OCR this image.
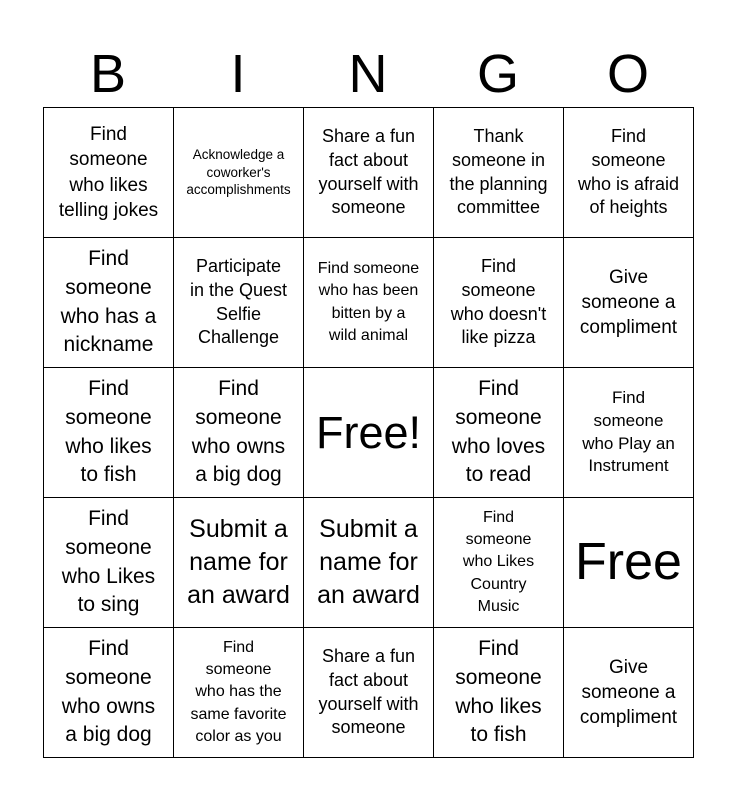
B	I	N	G	O
Find
someone
who likes
telling jokes	Acknowledge a
coworker's
accomplishments	Share a fun
fact about
yourself with
someone	Thank
someone in
the planning
committee	Find
someone
who is afraid
of heights

Find
someone
who has a
nickname	Participate
in the Quest
Selfie
Challenge	Find someone
who has been
bitten by a
wild animal	Find
someone
who doesn't
like pizza	Give
someone a
compliment

Find
someone
who likes
to fish	Find
someone
who owns
a big dog	Free!	Find
someone
who loves
to read	Find
someone
who Play an
Instrument

Find
someone
who Likes
to sing	Submit a
name for
an award	Submit a
name for
an award	Find
someone
who Likes
Country
Music	Free

Find
someone
who owns
a big dog	Find
someone
who has the
same favorite
color as you	Share a fun
fact about
yourself with
someone	Find
someone
who likes
to fish	Give
someone a
compliment
